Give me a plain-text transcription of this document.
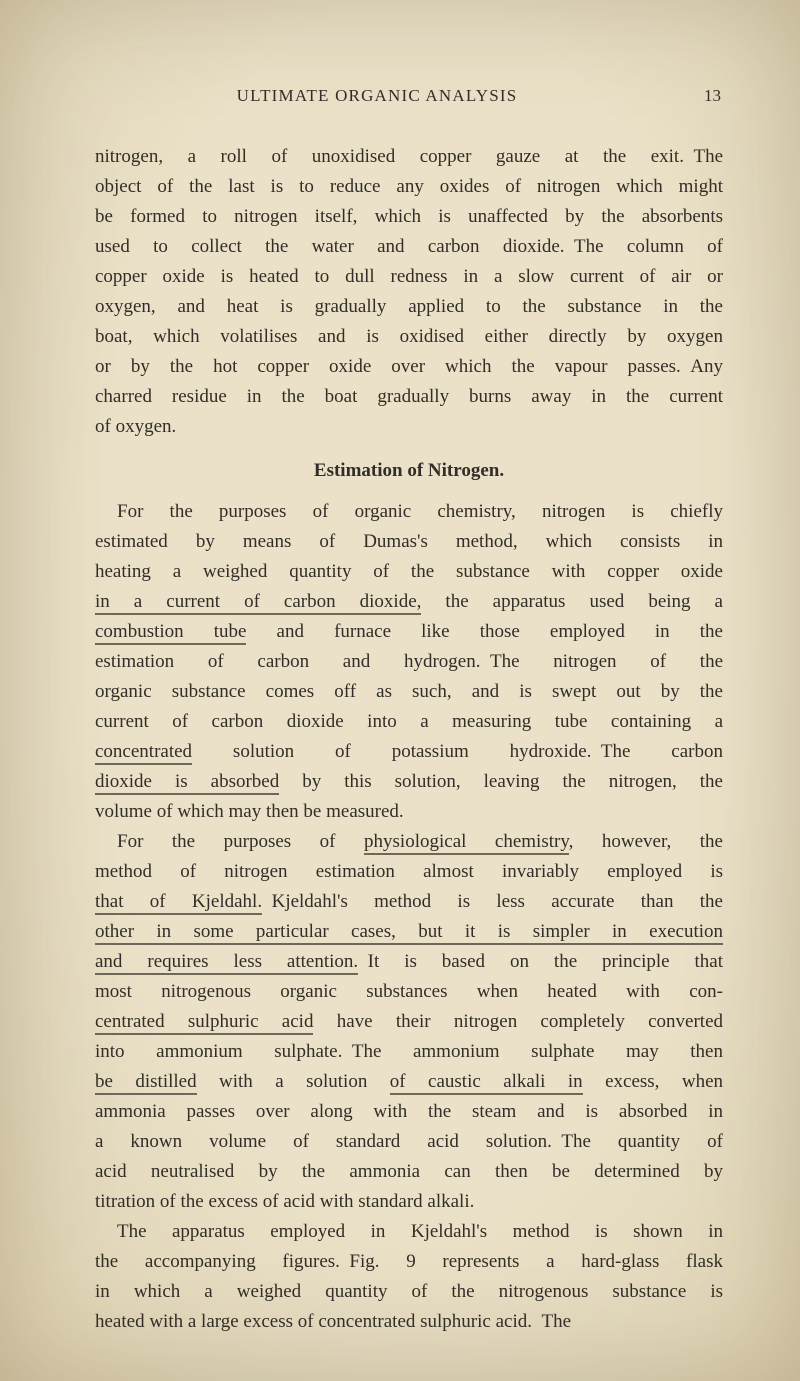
ULTIMATE ORGANIC ANALYSIS	13
nitrogen, a roll of unoxidised copper gauze at the exit. The
object of the last is to reduce any oxides of nitrogen which might
be formed to nitrogen itself, which is unaffected by the absorbents
used to collect the water and carbon dioxide. The column of
copper oxide is heated to dull redness in a slow current of air or
oxygen, and heat is gradually applied to the substance in the
boat, which volatilises and is oxidised either directly by oxygen
or by the hot copper oxide over which the vapour passes. Any
charred residue in the boat gradually burns away in the current
of oxygen.
Estimation of Nitrogen.
For the purposes of organic chemistry, nitrogen is chiefly
estimated by means of Dumas's method, which consists in
heating a weighed quantity of the substance with copper oxide
in a current of carbon dioxide, the apparatus used being a
combustion tube and furnace like those employed in the
estimation of carbon and hydrogen. The nitrogen of the
organic substance comes off as such, and is swept out by the
current of carbon dioxide into a measuring tube containing a
concentrated solution of potassium hydroxide. The carbon
dioxide is absorbed by this solution, leaving the nitrogen, the
volume of which may then be measured.
For the purposes of physiological chemistry, however, the
method of nitrogen estimation almost invariably employed is
that of Kjeldahl. Kjeldahl's method is less accurate than the
other in some particular cases, but it is simpler in execution
and requires less attention. It is based on the principle that
most nitrogenous organic substances when heated with con-
centrated sulphuric acid have their nitrogen completely converted
into ammonium sulphate. The ammonium sulphate may then
be distilled with a solution of caustic alkali in excess, when
ammonia passes over along with the steam and is absorbed in
a known volume of standard acid solution. The quantity of
acid neutralised by the ammonia can then be determined by
titration of the excess of acid with standard alkali.
The apparatus employed in Kjeldahl's method is shown in
the accompanying figures. Fig. 9 represents a hard-glass flask
in which a weighed quantity of the nitrogenous substance is
heated with a large excess of concentrated sulphuric acid. The
